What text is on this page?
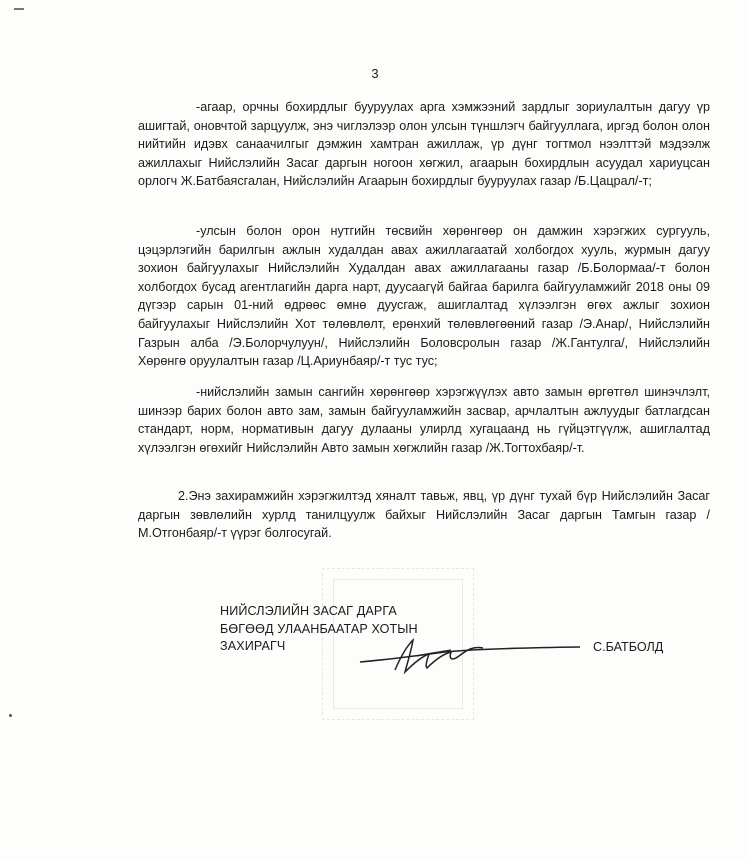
3

-агаар, орчны бохирдлыг бууруулах арга хэмжээний зардлыг зориулалтын дагуу үр ашигтай, оновчтой зарцуулж, энэ чиглэлээр олон улсын түншлэгч байгууллага, иргэд болон олон нийтийн идэвх санаачилгыг дэмжин хамтран ажиллаж, үр дүнг тогтмол нээлттэй мэдээлж ажиллахыг Нийслэлийн Засаг даргын ногоон хөгжил, агаарын бохирдлын асуудал хариуцсан орлогч Ж.Батбаясгалан, Нийслэлийн Агаарын бохирдлыг бууруулах газар /Б.Цацрал/-т;

-улсын болон орон нутгийн төсвийн хөрөнгөөр он дамжин хэрэгжих сургууль, цэцэрлэгийн барилгын ажлын худалдан авах ажиллагаатай холбогдох хууль, журмын дагуу зохион байгуулахыг Нийслэлийн Худалдан авах ажиллагааны газар /Б.Болормаа/-т болон холбогдох бусад агентлагийн дарга нарт, дуусаагүй байгаа барилга байгууламжийг 2018 оны 09 дүгээр сарын 01-ний өдрөөс өмнө дуусгаж, ашиглалтад хүлээлгэн өгөх ажлыг зохион байгуулахыг Нийслэлийн Хот төлөвлөлт, ерөнхий төлөвлөгөөний газар /Э.Анар/, Нийслэлийн Газрын алба /Э.Болорчулуун/, Нийслэлийн Боловсролын газар /Ж.Гантулга/, Нийслэлийн Хөрөнгө оруулалтын газар /Ц.Ариунбаяр/-т тус тус;

-нийслэлийн замын сангийн хөрөнгөөр хэрэгжүүлэх авто замын өргөтгөл шинэчлэлт, шинээр барих болон авто зам, замын байгууламжийн засвар, арчлалтын ажлуудыг батлагдсан стандарт, норм, нормативын дагуу дулааны улирлд хугацаанд нь гүйцэтгүүлж, ашиглалтад хүлээлгэн өгөхийг Нийслэлийн Авто замын хөгжлийн газар /Ж.Тогтохбаяр/-т.

2.Энэ захирамжийн хэрэгжилтэд хяналт тавьж, явц, үр дүнг тухай бүр Нийслэлийн Засаг даргын зөвлөлийн хурлд танилцуулж байхыг Нийслэлийн Засаг даргын Тамгын газар /М.Отгонбаяр/-т үүрэг болгосугай.

НИЙСЛЭЛИЙН ЗАСАГ ДАРГА
БӨГӨӨД УЛААНБААТАР ХОТЫН
ЗАХИРАГЧ	С.БАТБОЛД
